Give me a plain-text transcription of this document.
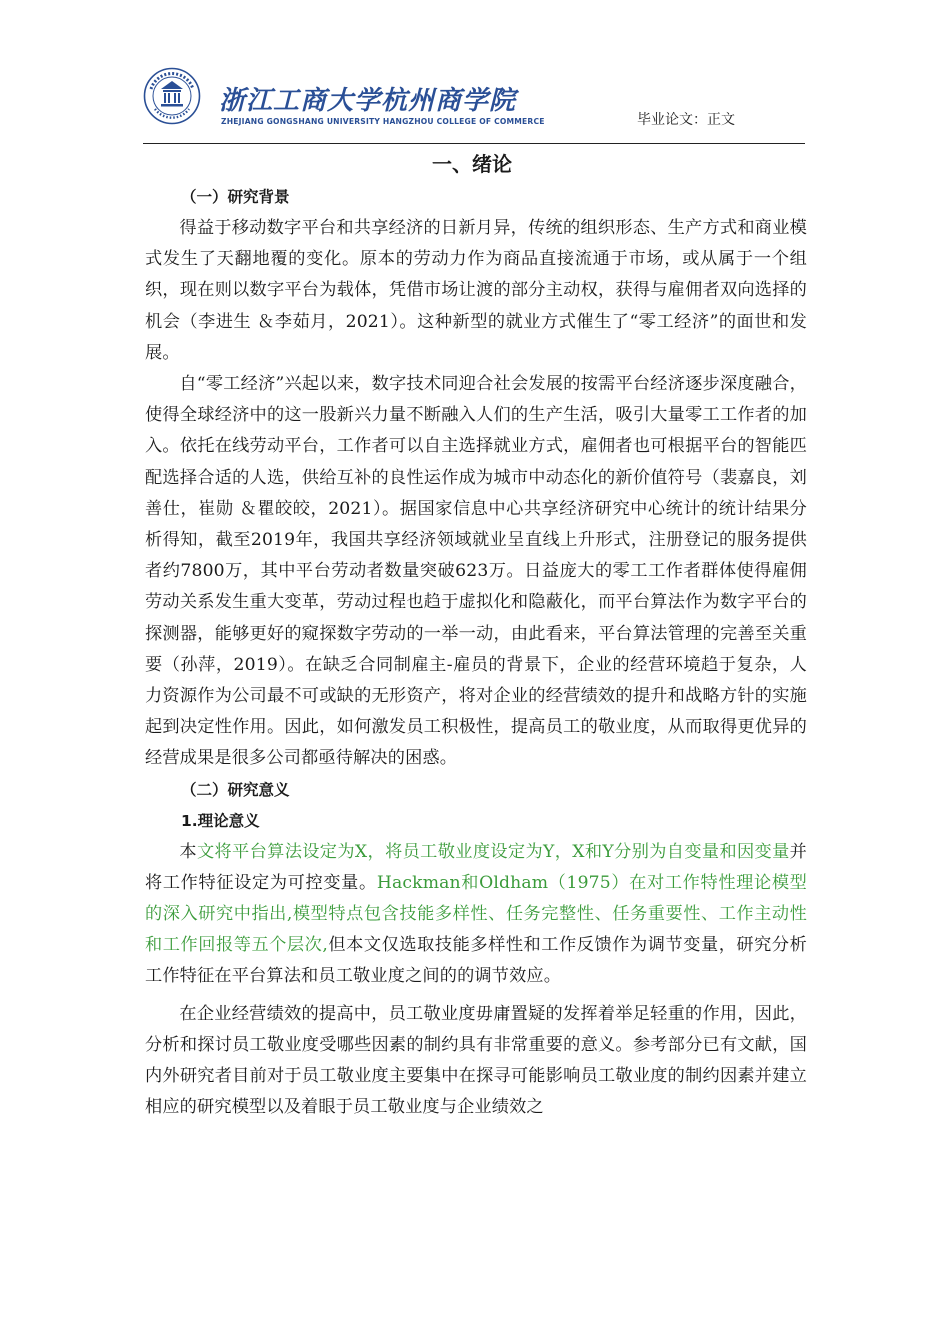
浙江工商大学杭州商学院
ZHEJIANG GONGSHANG UNIVERSITY HANGZHOU COLLEGE OF COMMERCE	毕业论文：正文
一、绪论
（一）研究背景

得益于移动数字平台和共享经济的日新月异，传统的组织形态、生产方式和商业模式发生了天翻地覆的变化。原本的劳动力作为商品直接流通于市场，或从属于一个组织，现在则以数字平台为载体，凭借市场让渡的部分主动权，获得与雇佣者双向选择的机会（李进生 ＆李茹月，2021）。这种新型的就业方式催生了“零工经济”的面世和发展。

自“零工经济”兴起以来，数字技术同迎合社会发展的按需平台经济逐步深度融合，使得全球经济中的这一股新兴力量不断融入人们的生产生活，吸引大量零工工作者的加入。依托在线劳动平台，工作者可以自主选择就业方式，雇佣者也可根据平台的智能匹配选择合适的人选，供给互补的良性运作成为城市中动态化的新价值符号（裴嘉良，刘善仕，崔勋 ＆瞿皎皎，2021）。据国家信息中心共享经济研究中心统计的统计结果分析得知，截至2019年，我国共享经济领域就业呈直线上升形式，注册登记的服务提供者约7800万，其中平台劳动者数量突破623万。日益庞大的零工工作者群体使得雇佣劳动关系发生重大变革，劳动过程也趋于虚拟化和隐蔽化，而平台算法作为数字平台的探测器，能够更好的窥探数字劳动的一举一动，由此看来，平台算法管理的完善至关重要（孙萍，2019）。在缺乏合同制雇主-雇员的背景下，企业的经营环境趋于复杂，人力资源作为公司最不可或缺的无形资产，将对企业的经营绩效的提升和战略方针的实施起到决定性作用。因此，如何激发员工积极性，提高员工的敬业度，从而取得更优异的经营成果是很多公司都亟待解决的困惑。

（二）研究意义
1.理论意义

本文将平台算法设定为X，将员工敬业度设定为Y，X和Y分别为自变量和因变量并将工作特征设定为可控变量。Hackman和Oldham（1975）在对工作特性理论模型的深入研究中指出,模型特点包含技能多样性、任务完整性、任务重要性、工作主动性和工作回报等五个层次,但本文仅选取技能多样性和工作反馈作为调节变量，研究分析工作特征在平台算法和员工敬业度之间的的调节效应。

在企业经营绩效的提高中，员工敬业度毋庸置疑的发挥着举足轻重的作用，因此，分析和探讨员工敬业度受哪些因素的制约具有非常重要的意义。参考部分已有文献，国内外研究者目前对于员工敬业度主要集中在探寻可能影响员工敬业度的制约因素并建立相应的研究模型以及着眼于员工敬业度与企业绩效之
